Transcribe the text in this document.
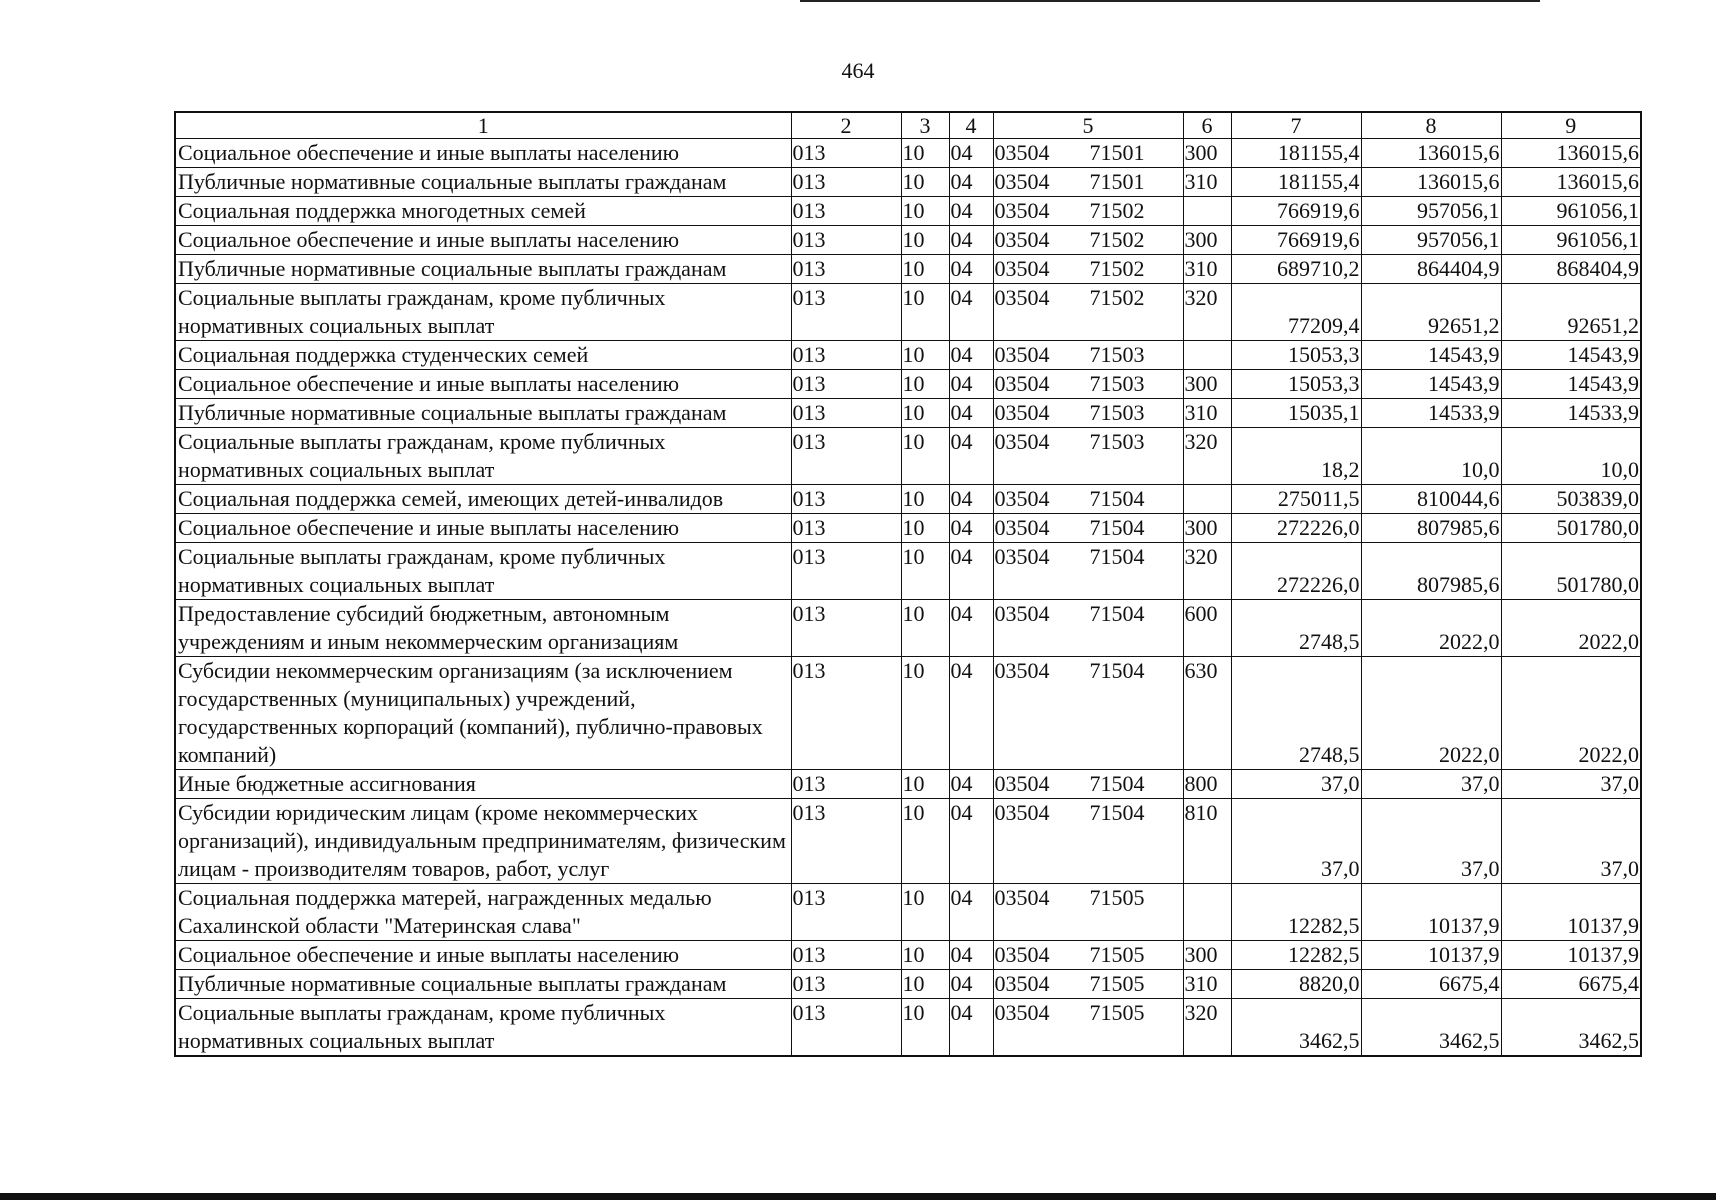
464
1	2	3	4	5	6	7	8	9
Социальное обеспечение и иные выплаты населению	013	10	04	03504 71501	300	181155,4	136015,6	136015,6
Публичные нормативные социальные выплаты гражданам	013	10	04	03504 71501	310	181155,4	136015,6	136015,6
Социальная поддержка многодетных семей	013	10	04	03504 71502		766919,6	957056,1	961056,1
Социальное обеспечение и иные выплаты населению	013	10	04	03504 71502	300	766919,6	957056,1	961056,1
Публичные нормативные социальные выплаты гражданам	013	10	04	03504 71502	310	689710,2	864404,9	868404,9
Социальные выплаты гражданам, кроме публичных нормативных социальных выплат	013	10	04	03504 71502	320	77209,4	92651,2	92651,2
Социальная поддержка студенческих семей	013	10	04	03504 71503		15053,3	14543,9	14543,9
Социальное обеспечение и иные выплаты населению	013	10	04	03504 71503	300	15053,3	14543,9	14543,9
Публичные нормативные социальные выплаты гражданам	013	10	04	03504 71503	310	15035,1	14533,9	14533,9
Социальные выплаты гражданам, кроме публичных нормативных социальных выплат	013	10	04	03504 71503	320	18,2	10,0	10,0
Социальная поддержка семей, имеющих детей-инвалидов	013	10	04	03504 71504		275011,5	810044,6	503839,0
Социальное обеспечение и иные выплаты населению	013	10	04	03504 71504	300	272226,0	807985,6	501780,0
Социальные выплаты гражданам, кроме публичных нормативных социальных выплат	013	10	04	03504 71504	320	272226,0	807985,6	501780,0
Предоставление субсидий бюджетным, автономным учреждениям и иным некоммерческим организациям	013	10	04	03504 71504	600	2748,5	2022,0	2022,0
Субсидии некоммерческим организациям (за исключением государственных (муниципальных) учреждений, государственных корпораций (компаний), публично-правовых компаний)	013	10	04	03504 71504	630	2748,5	2022,0	2022,0
Иные бюджетные ассигнования	013	10	04	03504 71504	800	37,0	37,0	37,0
Субсидии юридическим лицам (кроме некоммерческих организаций), индивидуальным предпринимателям, физическим лицам - производителям товаров, работ, услуг	013	10	04	03504 71504	810	37,0	37,0	37,0
Социальная поддержка матерей, награжденных медалью Сахалинской области "Материнская слава"	013	10	04	03504 71505		12282,5	10137,9	10137,9
Социальное обеспечение и иные выплаты населению	013	10	04	03504 71505	300	12282,5	10137,9	10137,9
Публичные нормативные социальные выплаты гражданам	013	10	04	03504 71505	310	8820,0	6675,4	6675,4
Социальные выплаты гражданам, кроме публичных нормативных социальных выплат	013	10	04	03504 71505	320	3462,5	3462,5	3462,5
